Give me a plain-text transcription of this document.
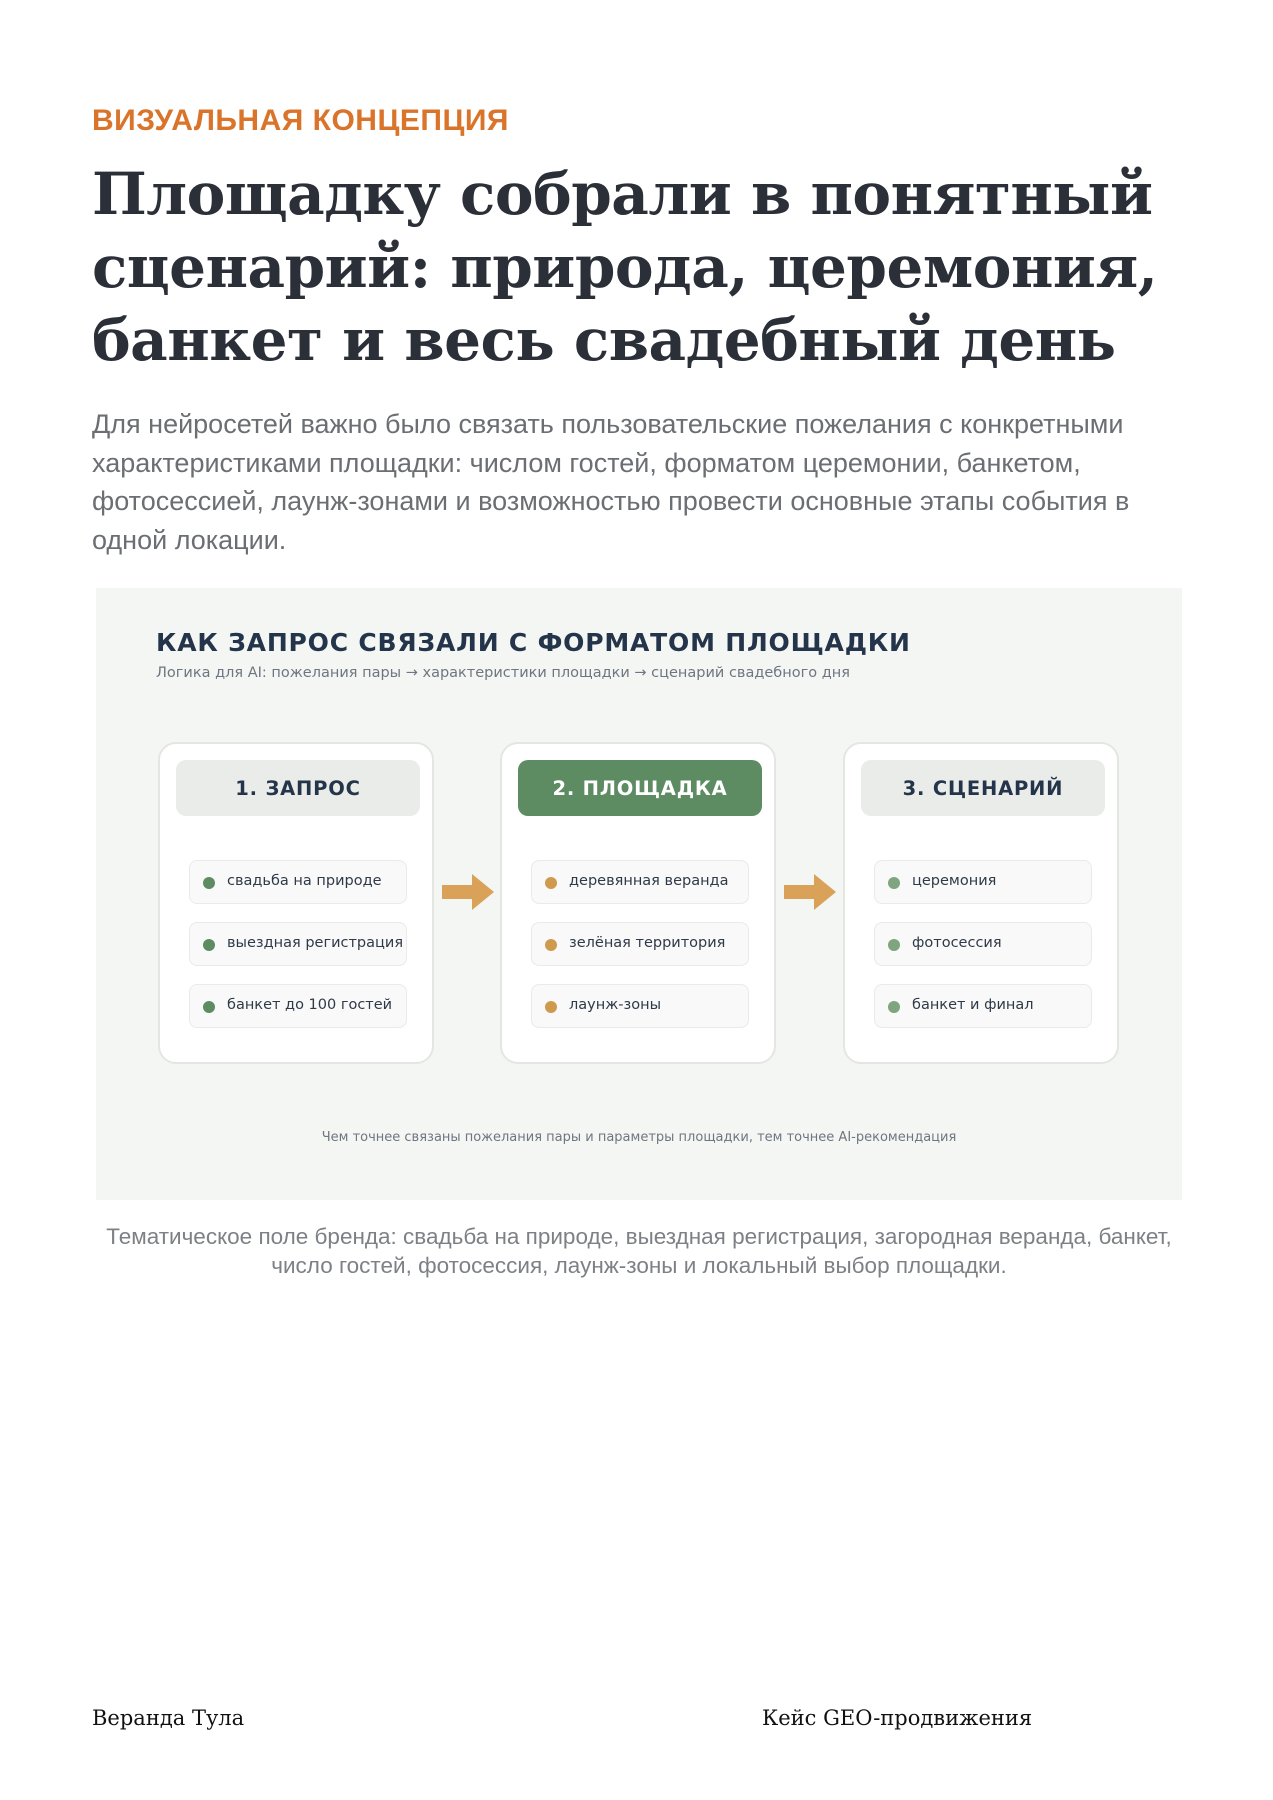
ВИЗУАЛЬНАЯ КОНЦЕПЦИЯ
Площадку собрали в понятный сценарий: природа, церемония, банкет и весь свадебный день

Для нейросетей важно было связать пользовательские пожелания с конкретными характеристиками площадки: числом гостей, форматом церемонии, банкетом, фотосессией, лаунж-зонами и возможностью провести основные этапы события в одной локации.

КАК ЗАПРОС СВЯЗАЛИ С ФОРМАТОМ ПЛОЩАДКИ
Логика для AI: пожелания пары → характеристики площадки → сценарий свадебного дня
1. ЗАПРОС
свадьба на природе
выездная регистрация
банкет до 100 гостей
2. ПЛОЩАДКА
деревянная веранда
зелёная территория
лаунж-зоны
3. СЦЕНАРИЙ
церемония
фотосессия
банкет и финал
Чем точнее связаны пожелания пары и параметры площадки, тем точнее AI-рекомендация

Тематическое поле бренда: свадьба на природе, выездная регистрация, загородная веранда, банкет, число гостей, фотосессия, лаунж-зоны и локальный выбор площадки.

Веранда Тула	Кейс GEO-продвижения
